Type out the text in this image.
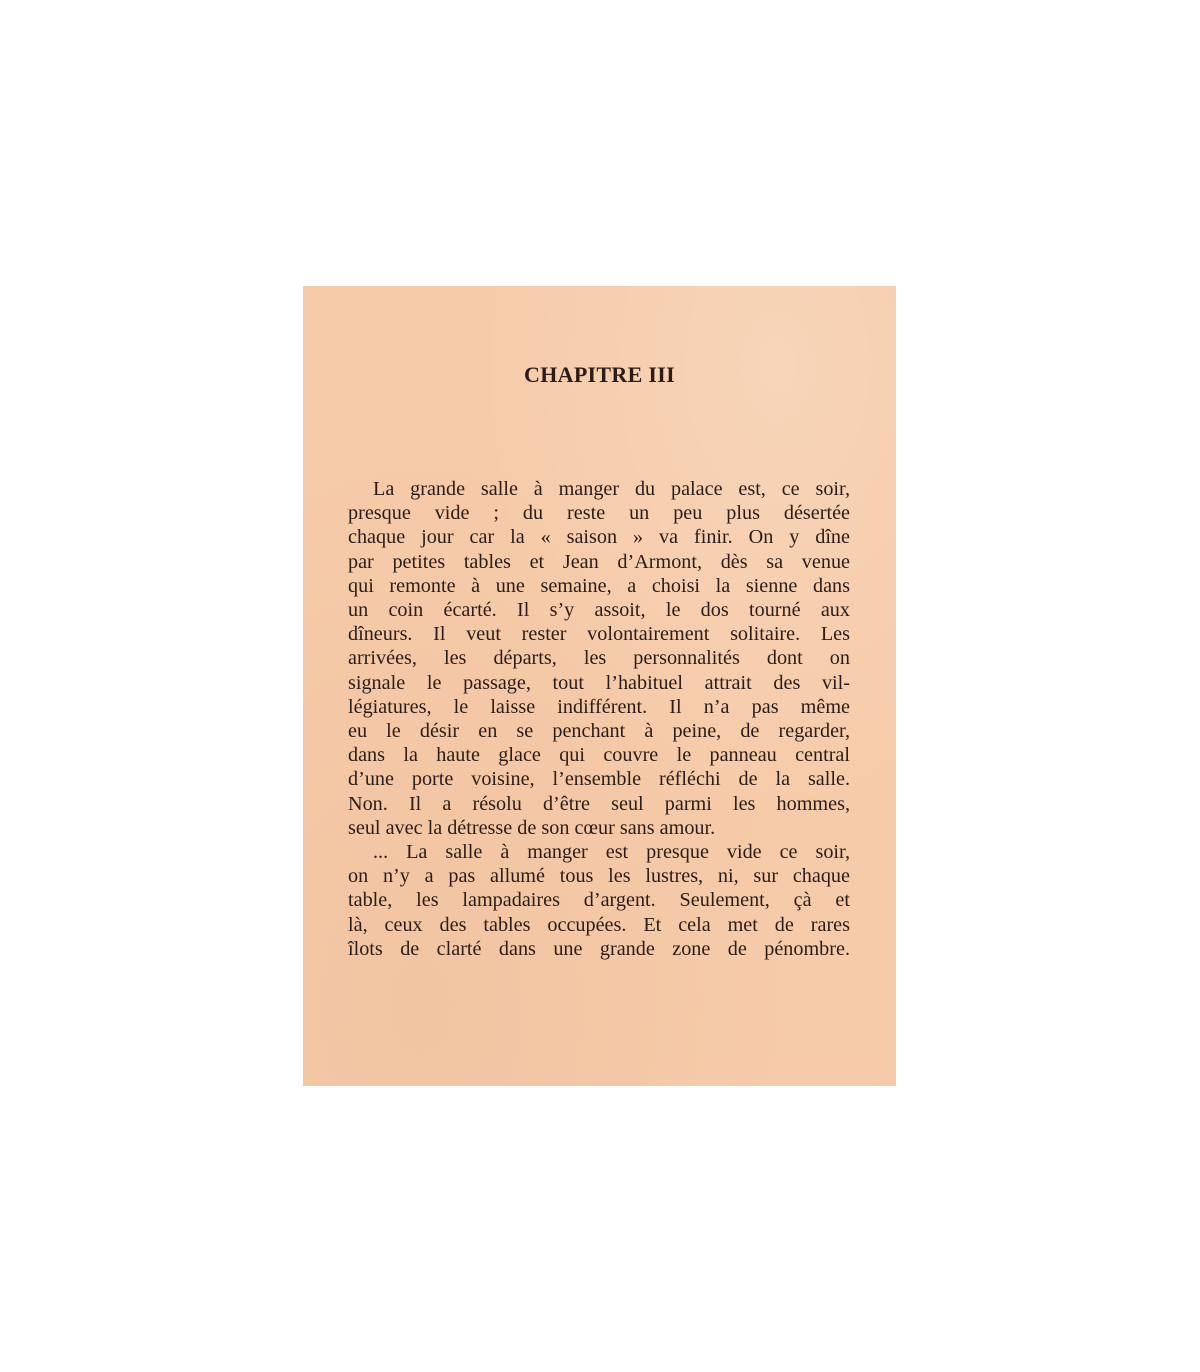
CHAPITRE III
La grande salle à manger du palace est, ce soir,
presque vide ; du reste un peu plus désertée
chaque jour car la « saison » va finir. On y dîne
par petites tables et Jean d’Armont, dès sa venue
qui remonte à une semaine, a choisi la sienne dans
un coin écarté. Il s’y assoit, le dos tourné aux
dîneurs. Il veut rester volontairement solitaire. Les
arrivées, les départs, les personnalités dont on
signale le passage, tout l’habituel attrait des vil-
légiatures, le laisse indifférent. Il n’a pas même
eu le désir en se penchant à peine, de regarder,
dans la haute glace qui couvre le panneau central
d’une porte voisine, l’ensemble réfléchi de la salle.
Non. Il a résolu d’être seul parmi les hommes,
seul avec la détresse de son cœur sans amour.
... La salle à manger est presque vide ce soir,
on n’y a pas allumé tous les lustres, ni, sur chaque
table, les lampadaires d’argent. Seulement, çà et
là, ceux des tables occupées. Et cela met de rares
îlots de clarté dans une grande zone de pénombre.
